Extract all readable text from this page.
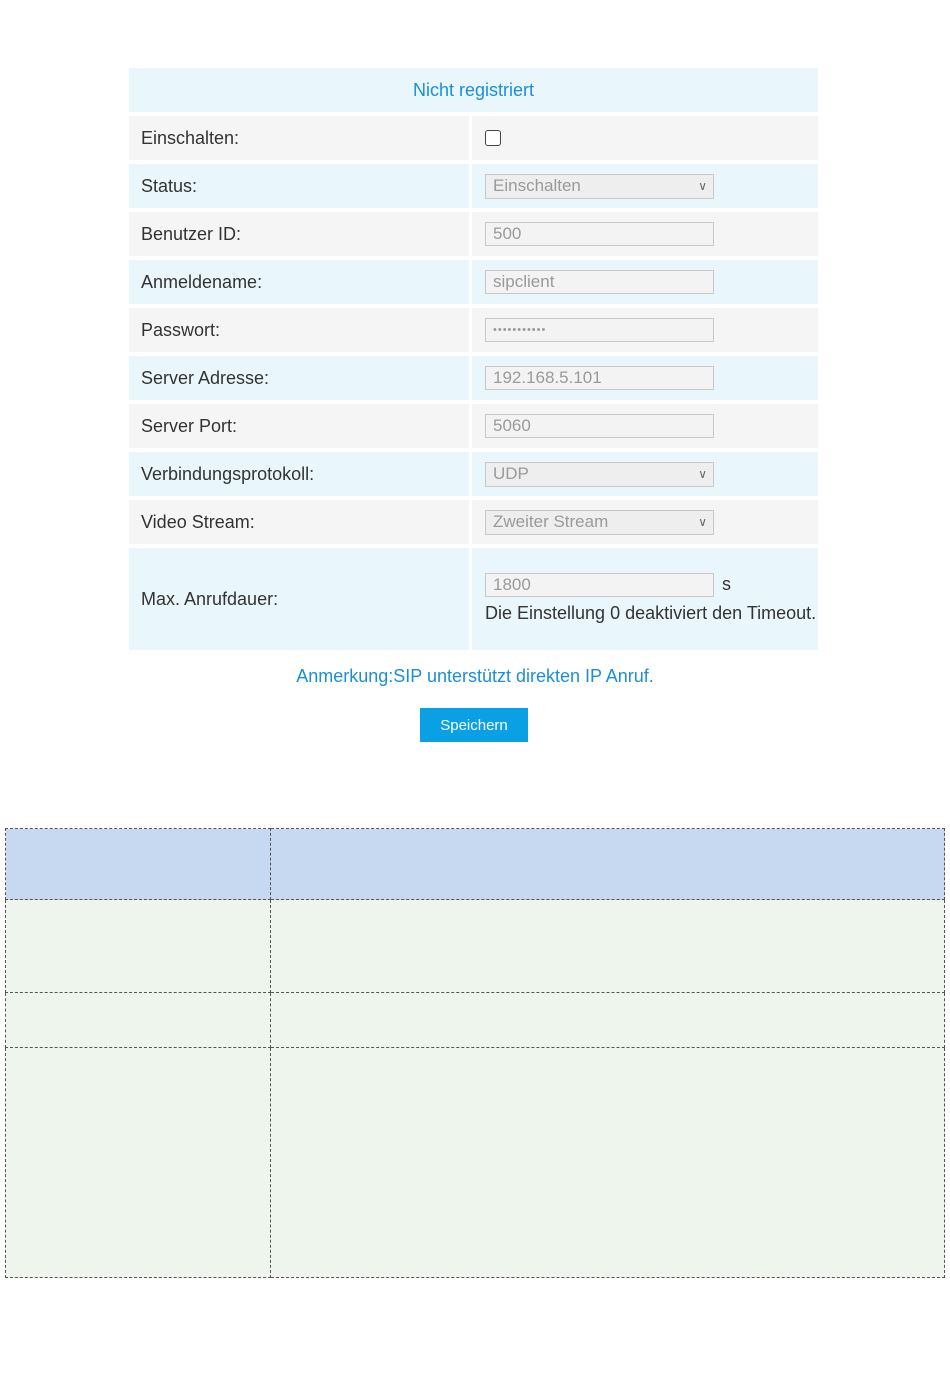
Nicht registriert
Einschalten:
Status:	Einschalten	∨
Benutzer ID:	500
Anmeldename:	sipclient
Passwort:	•••••••••••
Server Adresse:	192.168.5.101
Server Port:	5060
Verbindungsprotokoll:	UDP	∨
Video Stream:	Zweiter Stream	∨
Max. Anrufdauer:
1800	s
Die Einstellung 0 deaktiviert den Timeout.
Anmerkung:SIP unterstützt direkten IP Anruf.
Speichern
